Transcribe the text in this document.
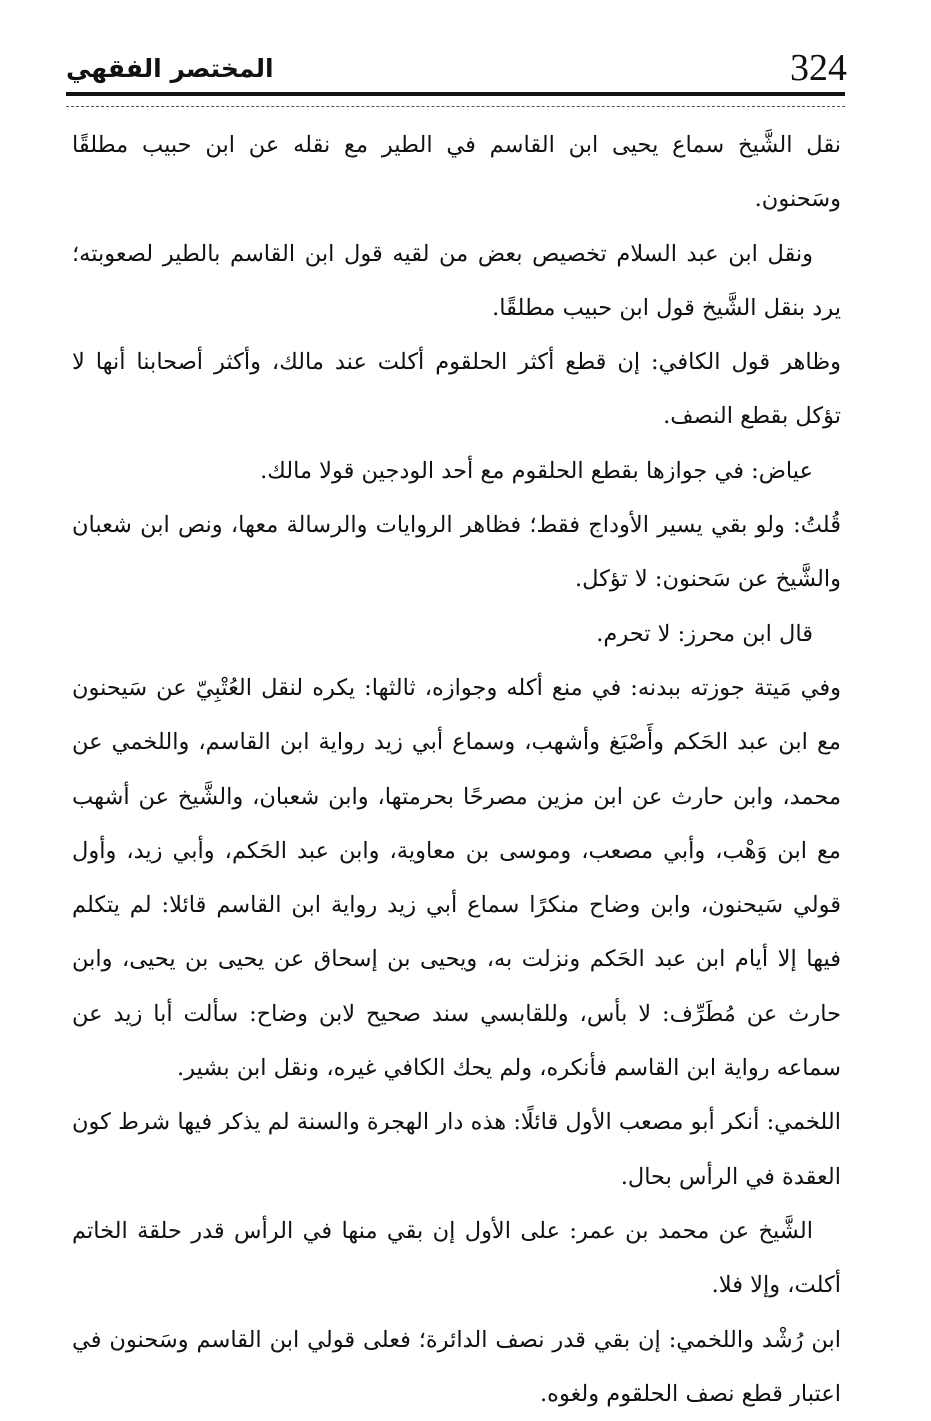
324
المختصر الفقهي

نقل الشَّيخ سماع يحيى ابن القاسم في الطير مع نقله عن ابن حبيب مطلقًا وسَحنون.

ونقل ابن عبد السلام تخصيص بعض من لقيه قول ابن القاسم بالطير لصعوبته؛ يرد بنقل الشَّيخ قول ابن حبيب مطلقًا.

وظاهر قول الكافي: إن قطع أكثر الحلقوم أكلت عند مالك، وأكثر أصحابنا أنها لا تؤكل بقطع النصف.

عياض: في جوازها بقطع الحلقوم مع أحد الودجين قولا مالك.

قُلتُ: ولو بقي يسير الأوداج فقط؛ فظاهر الروايات والرسالة معها، ونص ابن شعبان والشَّيخ عن سَحنون: لا تؤكل.

قال ابن محرز: لا تحرم.

وفي مَيتة جوزته ببدنه: في منع أكله وجوازه، ثالثها: يكره لنقل العُتْبِيّ عن سَيحنون مع ابن عبد الحَكم وأَصْبَغ وأشهب، وسماع أبي زيد رواية ابن القاسم، واللخمي عن محمد، وابن حارث عن ابن مزين مصرحًا بحرمتها، وابن شعبان، والشَّيخ عن أشهب مع ابن وَهْب، وأبي مصعب، وموسى بن معاوية، وابن عبد الحَكم، وأبي زيد، وأول قولي سَيحنون، وابن وضاح منكرًا سماع أبي زيد رواية ابن القاسم قائلا: لم يتكلم فيها إلا أيام ابن عبد الحَكم ونزلت به، ويحيى بن إسحاق عن يحيى بن يحيى، وابن حارث عن مُطَرِّف: لا بأس، وللقابسي سند صحيح لابن وضاح: سألت أبا زيد عن سماعه رواية ابن القاسم فأنكره، ولم يحك الكافي غيره، ونقل ابن بشير.

اللخمي: أنكر أبو مصعب الأول قائلًا: هذه دار الهجرة والسنة لم يذكر فيها شرط كون العقدة في الرأس بحال.

الشَّيخ عن محمد بن عمر: على الأول إن بقي منها في الرأس قدر حلقة الخاتم أكلت، وإلا فلا.

ابن رُشْد واللخمي: إن بقي قدر نصف الدائرة؛ فعلى قولي ابن القاسم وسَحنون في اعتبار قطع نصف الحلقوم ولغوه.
